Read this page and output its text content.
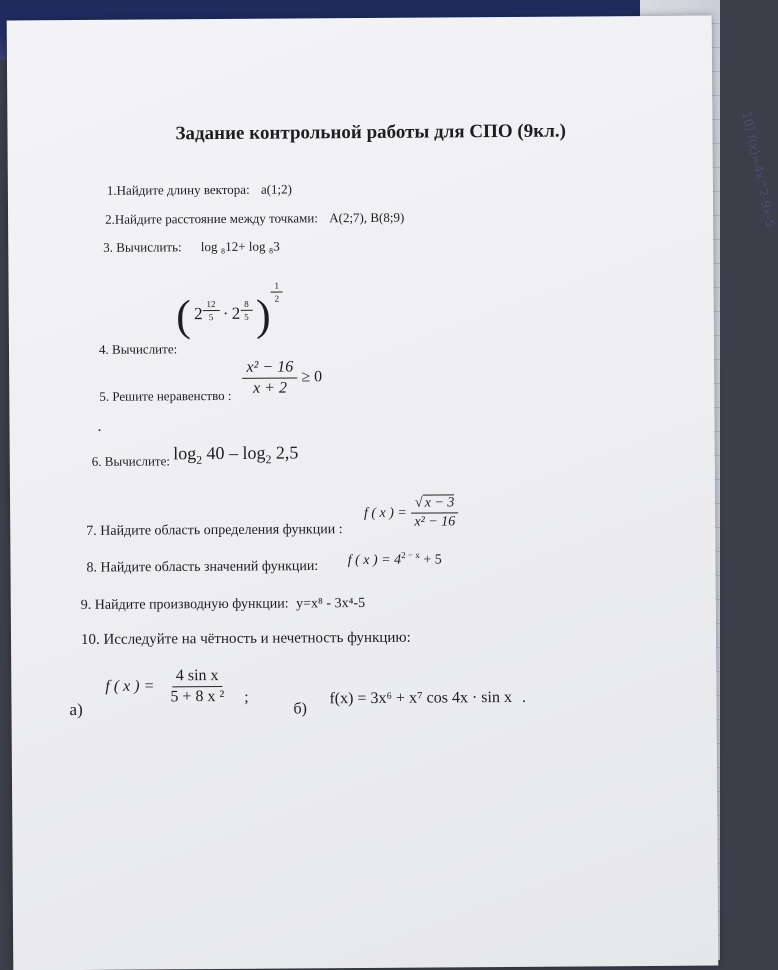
10) f(x)=4x^2-9x-5
Задание контрольной работы для СПО (9кл.)
1.Найдите длину вектора: a(1;2)
2.Найдите расстояние между точками: A(2;7), B(8;9)
3. Вычислить: log ₈12+ log ₈3
4. Вычислите: ( $2 \frac{12}{5} \cdot 2 \frac{8}{5}$ ) $\frac{1}{2}$
5. Решите неравенство : $\frac{\text{x² − 16}}{x + 2} \ge 0$
.
6. Вычислите: $\log_2 40 - \log_2 2,5$
7. Найдите область определения функции : f ( x ) = $\frac{√ x - 3}{\text{x² − 16}}$
8. Найдите область значений функции: f ( x ) = $4^{2 - x} + 5$
9. Найдите производную функции: y=x⁸ - 3x⁴-5
10. Исследуйте на чётность и нечетность функцию:
а)
f ( x ) = $\frac{\text{4 sin x}}{\text{5 + 8 x ²}}$ ;
б)
f(x) = 3x⁶ + x⁷ cos 4x · sin x .
